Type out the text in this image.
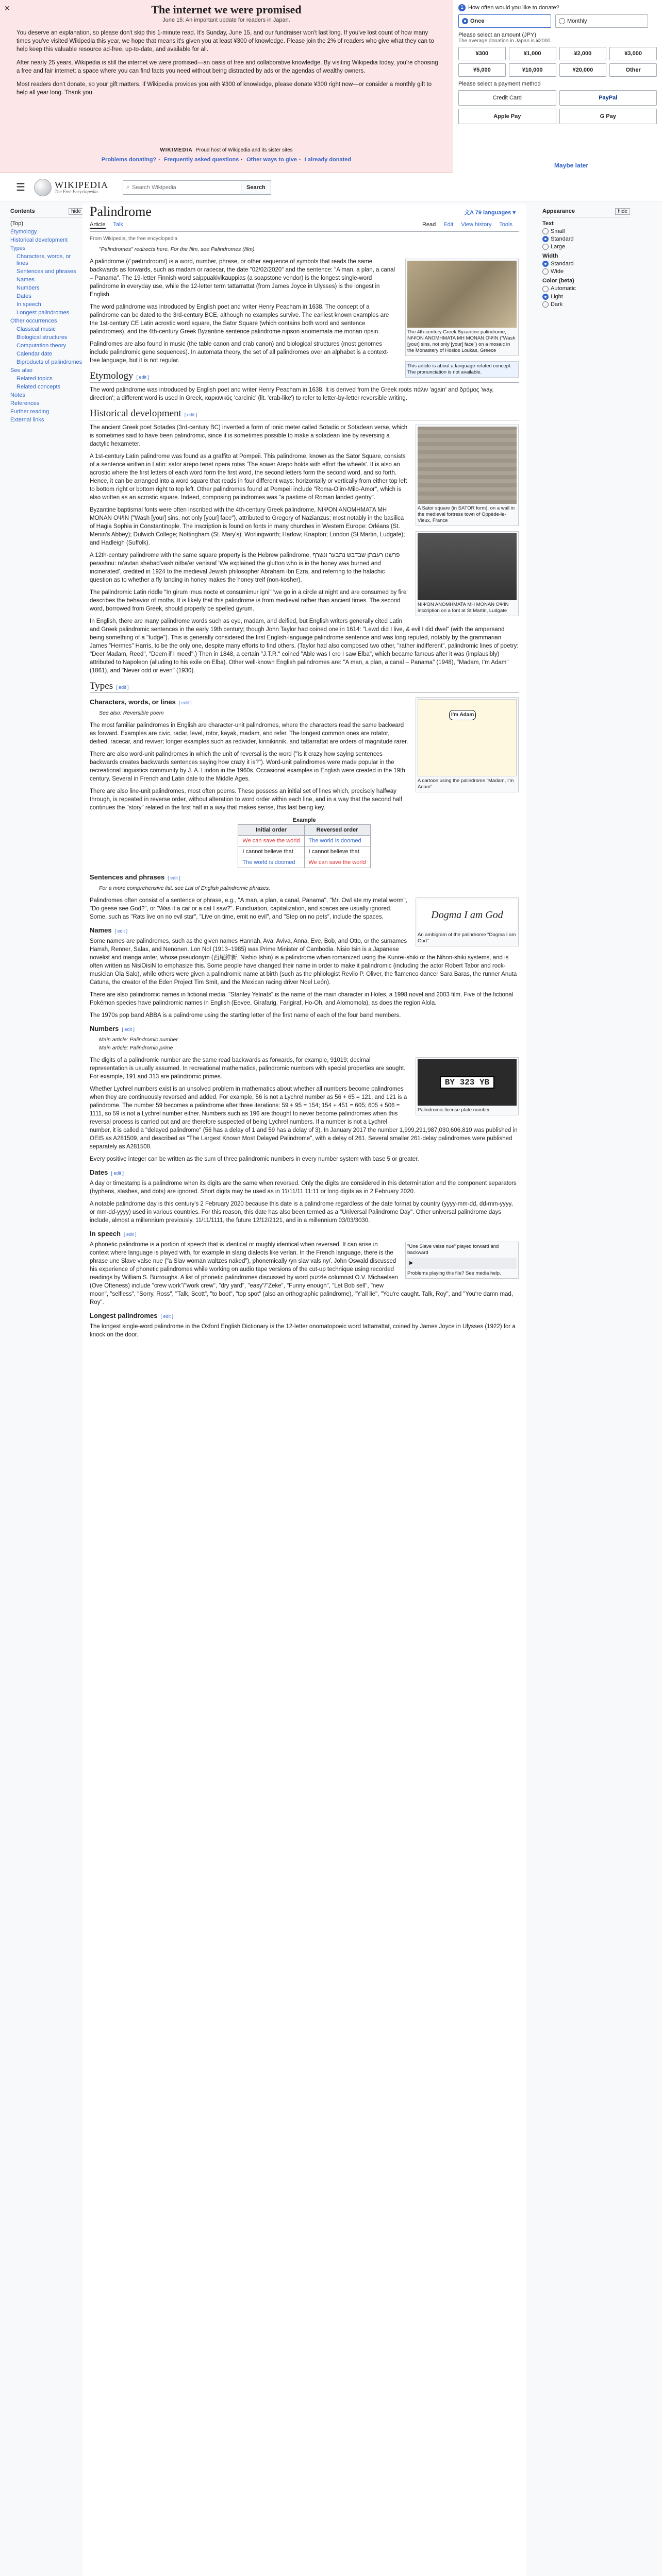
☰	WIKIPEDIA
The Free Encyclopedia
⌕ Search Wikipedia	Search
✕	The internet we were promised
June 15: An important update for readers in Japan.

You deserve an explanation, so please don't skip this 1-minute read. It's Sunday, June 15, and our fundraiser won't last long. If you've lost count of how many times you've visited Wikipedia this year, we hope that means it's given you at least ¥300 of knowledge. Please join the 2% of readers who give what they can to help keep this valuable resource ad-free, up-to-date, and available for all.

After nearly 25 years, Wikipedia is still the internet we were promised—an oasis of free and collaborative knowledge. By visiting Wikipedia today, you're choosing a free and fair internet: a space where you can find facts you need without being distracted by ads or the agendas of wealthy owners.

Most readers don't donate, so your gift matters. If Wikipedia provides you with ¥300 of knowledge, please donate ¥300 right now—or consider a monthly gift to help all year long. Thank you.

WIKIMEDIA Proud host of Wikipedia and its sister sites
Problems donating? · Frequently asked questions · Other ways to give · I already donated
1 How often would you like to donate?
Once	Monthly
Please select an amount (JPY)
The average donation in Japan is ¥2000.
¥300	¥1,000	¥2,000	¥3,000
¥5,000	¥10,000	¥20,000	Other
Please select a payment method
Credit Card	PayPal
Apple Pay	G Pay
Maybe later
Contents	hide
(Top)
Etymology
Historical development
Types
Characters, words, or lines
Sentences and phrases
Names
Numbers
Dates
In speech
Longest palindromes
Other occurrences
Classical music
Biological structures
Computation theory
Calendar date
Biproducts of palindromes
See also
Related topics
Related concepts
Notes
References
Further reading
External links
Palindrome	文A 79 languages ▾
Article Talk	Read Edit View history Tools
From Wikipedia, the free encyclopedia
"Palindromes" redirects here. For the film, see Palindromes (film).
The 4th-century Greek Byzantine palindrome, NIΨON ANOMHMATA MH MONAN OΨIN ("Wash [your] sins, not only [your] face") on a mosaic in the Monastery of Hosios Loukas, Greece
This article is about a language-related concept. The pronunciation is not available.

A palindrome (/ˈpælɪndroʊm/) is a word, number, phrase, or other sequence of symbols that reads the same backwards as forwards, such as madam or racecar, the date "02/02/2020" and the sentence: "A man, a plan, a canal – Panama". The 19-letter Finnish word saippuakivikauppias (a soapstone vendor) is the longest single-word palindrome in everyday use, while the 12-letter term tattarrattat (from James Joyce in Ulysses) is the longest in English.

The word palindrome was introduced by English poet and writer Henry Peacham in 1638. The concept of a palindrome can be dated to the 3rd-century BCE, although no examples survive. The earliest known examples are the 1st-century CE Latin acrostic word square, the Sator Square (which contains both word and sentence palindromes), and the 4th-century Greek Byzantine sentence palindrome nipson anomemata me monan opsin.

Palindromes are also found in music (the table canon and crab canon) and biological structures (most genomes include palindromic gene sequences). In automata theory, the set of all palindromes over an alphabet is a context-free language, but it is not regular.

Etymology [ edit ]

The word palindrome was introduced by English poet and writer Henry Peacham in 1638. It is derived from the Greek roots πάλιν 'again' and δρόμος 'way, direction'; a different word is used in Greek, καρκινικός 'carcinic' (lit. 'crab-like') to refer to letter-by-letter reversible writing.

Historical development [ edit ]
A Sator square (in SATOR form), on a wall in the medieval fortress town of Oppède-le-Vieux, France

The ancient Greek poet Sotades (3rd-century BC) invented a form of ionic meter called Sotadic or Sotadean verse, which is sometimes said to have been palindromic, since it is sometimes possible to make a sotadean line by reversing a dactylic hexameter.

A 1st-century Latin palindrome was found as a graffito at Pompeii. This palindrome, known as the Sator Square, consists of a sentence written in Latin: sator arepo tenet opera rotas 'The sower Arepo holds with effort the wheels'. It is also an acrostic where the first letters of each word form the first word, the second letters form the second word, and so forth. Hence, it can be arranged into a word square that reads in four different ways: horizontally or vertically from either top left to bottom right or bottom right to top left. Other palindromes found at Pompeii include "Roma-Olim-Milo-Amor", which is also written as an acrostic square. Indeed, composing palindromes was "a pastime of Roman landed gentry".

NIΨON ANOMHMATA MH MONAN OΨIN inscription on a font at St Martin, Ludgate

Byzantine baptismal fonts were often inscribed with the 4th-century Greek palindrome, NIΨON ANOMHMATA MH MONAN OΨIN ("Wash [your] sins, not only [your] face"), attributed to Gregory of Nazianzus; most notably in the basilica of Hagia Sophia in Constantinople. The inscription is found on fonts in many churches in Western Europe: Orléans (St. Menin's Abbey); Dulwich College; Nottingham (St. Mary's); Worlingworth; Harlow; Knapton; London (St Martin, Ludgate); and Hadleigh (Suffolk).

A 12th-century palindrome with the same square property is the Hebrew palindrome, פרשנו רעבתן שבדבש נתבער ונשרף perashnu: ra'avtan shebad'vash nitba'er venisraf 'We explained the glutton who is in the honey was burned and incinerated', credited in 1924 to the medieval Jewish philosopher Abraham ibn Ezra, and referring to the halachic question as to whether a fly landing in honey makes the honey treif (non-kosher).

The palindromic Latin riddle "In girum imus nocte et consumimur igni" 'we go in a circle at night and are consumed by fire' describes the behavior of moths. It is likely that this palindrome is from medieval rather than ancient times. The second word, borrowed from Greek, should properly be spelled gyrum.

In English, there are many palindrome words such as eye, madam, and deified, but English writers generally cited Latin and Greek palindromic sentences in the early 19th century; though John Taylor had coined one in 1614: "Lewd did I live, & evil I did dwel" (with the ampersand being something of a "fudge"). This is generally considered the first English-language palindrome sentence and was long reputed, notably by the grammarian James "Hermes" Harris, to be the only one, despite many efforts to find others. (Taylor had also composed two other, "rather indifferent", palindromic lines of poetry: "Deer Madam, Reed", "Deem if I meed".) Then in 1848, a certain "J.T.R." coined "Able was I ere I saw Elba", which became famous after it was (implausibly) attributed to Napoleon (alluding to his exile on Elba). Other well-known English palindromes are: "A man, a plan, a canal – Panama" (1948), "Madam, I'm Adam" (1861), and "Never odd or even" (1930).

Types [ edit ]
I'm Adam
A cartoon using the palindrome "Madam, I'm Adam"
Characters, words, or lines [ edit ]
See also: Reversible poem

The most familiar palindromes in English are character-unit palindromes, where the characters read the same backward as forward. Examples are civic, radar, level, rotor, kayak, madam, and refer. The longest common ones are rotator, deified, racecar, and reviver; longer examples such as redivider, kinnikinnik, and tattarrattat are orders of magnitude rarer.

There are also word-unit palindromes in which the unit of reversal is the word ("Is it crazy how saying sentences backwards creates backwards sentences saying how crazy it is?"). Word-unit palindromes were made popular in the recreational linguistics community by J. A. Lindon in the 1960s. Occasional examples in English were created in the 19th century. Several in French and Latin date to the Middle Ages.

There are also line-unit palindromes, most often poems. These possess an initial set of lines which, precisely halfway through, is repeated in reverse order, without alteration to word order within each line, and in a way that the second half continues the "story" related in the first half in a way that makes sense, this last being key.

Example
Initial order	Reversed order
We can save the world	The world is doomed
I cannot believe that	I cannot believe that
The world is doomed	We can save the world
Sentences and phrases [ edit ]
For a more comprehensive list, see List of English palindromic phrases.
Dogma I am God
An ambigram of the palindrome "Dogma I am God"

Palindromes often consist of a sentence or phrase, e.g., "A man, a plan, a canal, Panama", "Mr. Owl ate my metal worm", "Do geese see God?", or "Was it a car or a cat I saw?". Punctuation, capitalization, and spaces are usually ignored. Some, such as "Rats live on no evil star", "Live on time, emit no evil", and "Step on no pets", include the spaces.

Names [ edit ]

Some names are palindromes, such as the given names Hannah, Ava, Aviva, Anna, Eve, Bob, and Otto, or the surnames Harrah, Renner, Salas, and Nenonen. Lon Nol (1913–1985) was Prime Minister of Cambodia. Nisio Isin is a Japanese novelist and manga writer, whose pseudonym (西尾維新, Nishio Ishin) is a palindrome when romanized using the Kunrei-shiki or the Nihon-shiki systems, and is often written as NisiOisiN to emphasize this. Some people have changed their name in order to make it palindromic (including the actor Robert Tabor and rock-musician Ola Salo), while others were given a palindromic name at birth (such as the philologist Revilo P. Oliver, the flamenco dancer Sara Baras, the runner Anuta Catuna, the creator of the Eden Project Tim Smit, and the Mexican racing driver Noel León).

There are also palindromic names in fictional media. "Stanley Yelnats" is the name of the main character in Holes, a 1998 novel and 2003 film. Five of the fictional Pokémon species have palindromic names in English (Eevee, Girafarig, Farigiraf, Ho-Oh, and Alomomola), as does the region Alola.

The 1970s pop band ABBA is a palindrome using the starting letter of the first name of each of the four band members.

Numbers [ edit ]
Main article: Palindromic number
Main article: Palindromic prime
BY 323 YB
Palindromic license plate number

The digits of a palindromic number are the same read backwards as forwards, for example, 91019; decimal representation is usually assumed. In recreational mathematics, palindromic numbers with special properties are sought. For example, 191 and 313 are palindromic primes.

Whether Lychrel numbers exist is an unsolved problem in mathematics about whether all numbers become palindromes when they are continuously reversed and added. For example, 56 is not a Lychrel number as 56 + 65 = 121, and 121 is a palindrome. The number 59 becomes a palindrome after three iterations: 59 + 95 = 154; 154 + 451 = 605; 605 + 506 = 1111, so 59 is not a Lychrel number either. Numbers such as 196 are thought to never become palindromes when this reversal process is carried out and are therefore suspected of being Lychrel numbers. If a number is not a Lychrel number, it is called a "delayed palindrome" (56 has a delay of 1 and 59 has a delay of 3). In January 2017 the number 1,999,291,987,030,606,810 was published in OEIS as A281509, and described as "The Largest Known Most Delayed Palindrome", with a delay of 261. Several smaller 261-delay palindromes were published separately as A281508.

Every positive integer can be written as the sum of three palindromic numbers in every number system with base 5 or greater.

Dates [ edit ]

A day or timestamp is a palindrome when its digits are the same when reversed. Only the digits are considered in this determination and the component separators (hyphens, slashes, and dots) are ignored. Short digits may be used as in 11/11/11 11:11 or long digits as in 2 February 2020.

A notable palindrome day is this century's 2 February 2020 because this date is a palindrome regardless of the date format by country (yyyy-mm-dd, dd-mm-yyyy, or mm-dd-yyyy) used in various countries. For this reason, this date has also been termed as a "Universal Palindrome Day". Other universal palindrome days include, almost a millennium previously, 11/11/1111, the future 12/12/2121, and in a millennium 03/03/3030.

In speech [ edit ]
"Une Slave valse nue" played forward and backward
▶
Problems playing this file? See media help.

A phonetic palindrome is a portion of speech that is identical or roughly identical when reversed. It can arise in context where language is played with, for example in slang dialects like verlan. In the French language, there is the phrase une Slave valse nue ("a Slav woman waltzes naked"), phonemically /yn slav vals ny/. John Oswald discussed his experience of phonetic palindromes while working on audio tape versions of the cut-up technique using recorded readings by William S. Burroughs. A list of phonetic palindromes discussed by word puzzle columnist O.V. Michaelsen (Ove Ofteness) include "crew work"/"work crew", "dry yard", "easy"/"Zeke", "Funny enough", "Let Bob sell", "new moon", "selfless", "Sorry, Ross", "Talk, Scott", "to boot", "top spot" (also an orthographic palindrome), "Y'all lie", "You're caught. Talk, Roy", and "You're damn mad, Roy".

Longest palindromes [ edit ]

The longest single-word palindrome in the Oxford English Dictionary is the 12-letter onomatopoeic word tattarrattat, coined by James Joyce in Ulysses (1922) for a knock on the door.

Appearance	hide
Text
Small
Standard
Large
Width
Standard
Wide
Color (beta)
Automatic
Light
Dark
